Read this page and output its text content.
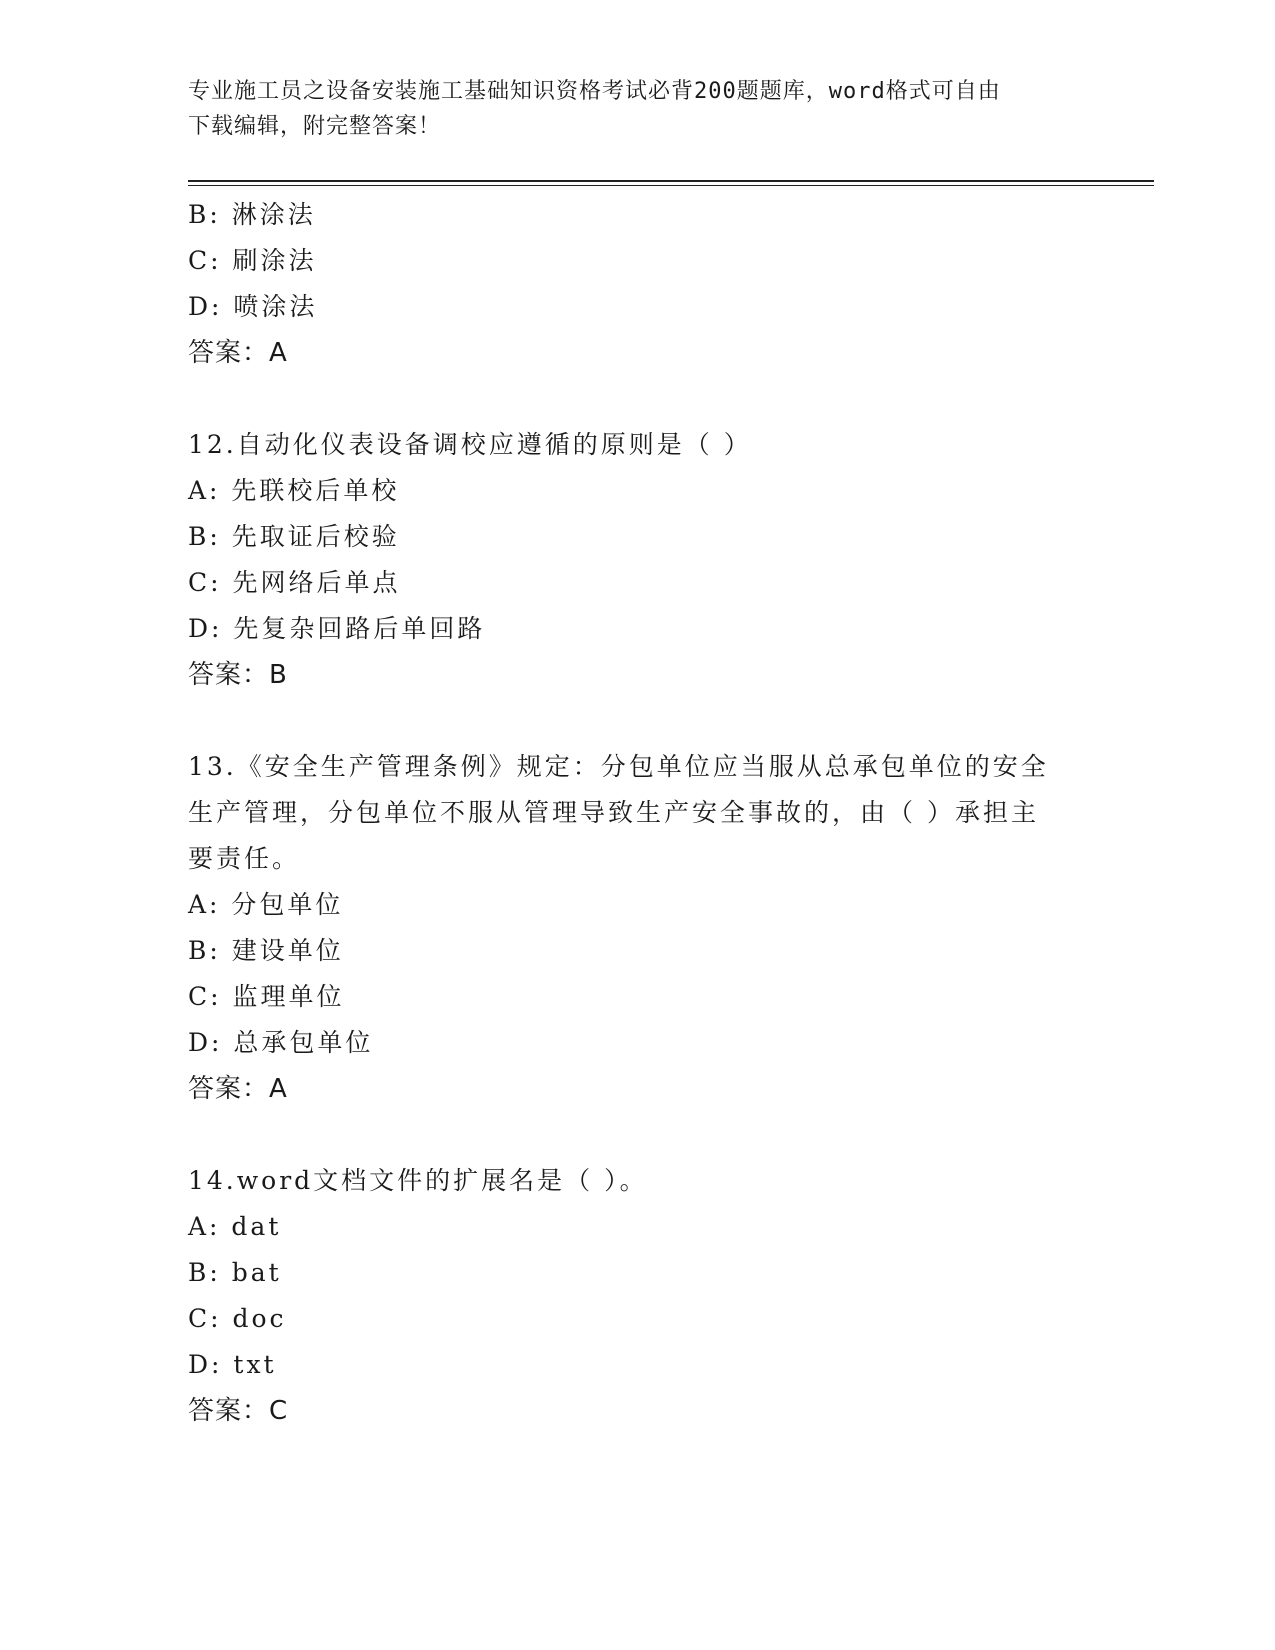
专业施工员之设备安装施工基础知识资格考试必背200题题库，word格式可自由
下载编辑，附完整答案！
B: 淋涂法
C: 刷涂法
D: 喷涂法
答案：A
12.自动化仪表设备调校应遵循的原则是（ ）
A: 先联校后单校
B: 先取证后校验
C: 先网络后单点
D: 先复杂回路后单回路
答案：B
13.《安全生产管理条例》规定：分包单位应当服从总承包单位的安全
生产管理，分包单位不服从管理导致生产安全事故的，由（ ）承担主
要责任。
A: 分包单位
B: 建设单位
C: 监理单位
D: 总承包单位
答案：A
14.word文档文件的扩展名是（ ）。
A: dat
B: bat
C: doc
D: txt
答案：C
